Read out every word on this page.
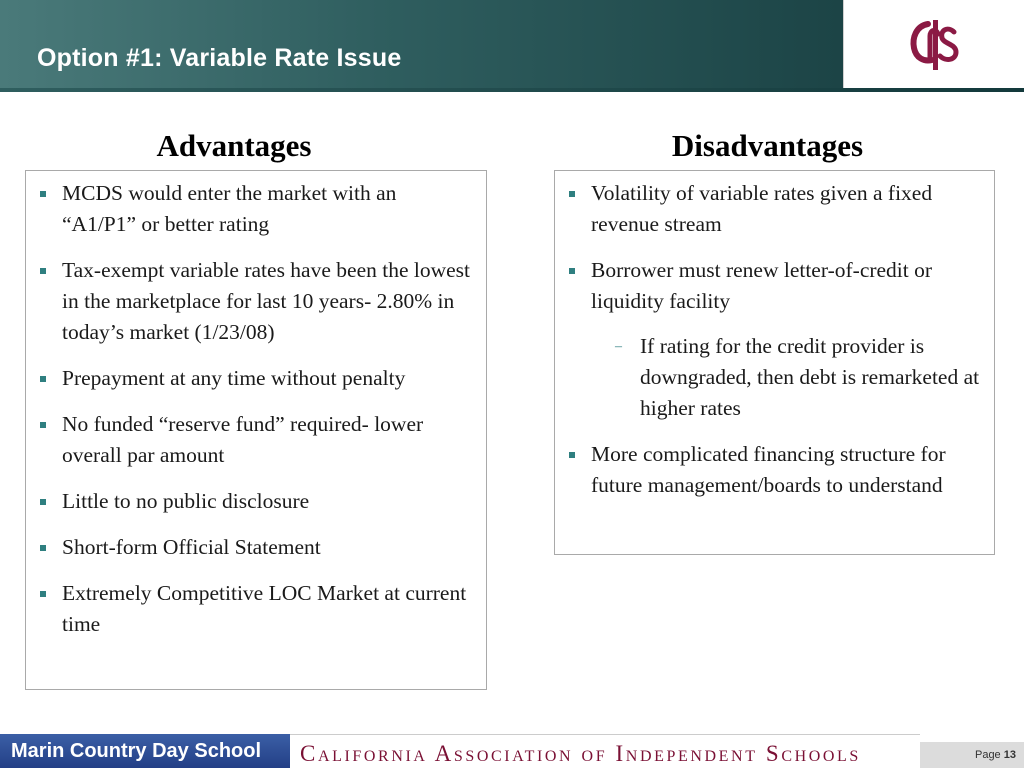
Option #1: Variable Rate Issue
Advantages	Disadvantages
MCDS would enter the market with an “A1/P1” or better rating
Tax-exempt variable rates have been the lowest in the marketplace for last 10 years- 2.80% in today’s market (1/23/08)
Prepayment at any time without penalty
No funded “reserve fund” required- lower overall par amount
Little to no public disclosure
Short-form Official Statement
Extremely Competitive LOC Market at current time
Volatility of variable rates given a fixed revenue stream
Borrower must renew letter-of-credit or liquidity facility
– If rating for the credit provider is downgraded, then debt is remarketed at higher rates
More complicated financing structure for future management/boards to understand
Marin Country Day School	California Association of Independent Schools	Page 13
